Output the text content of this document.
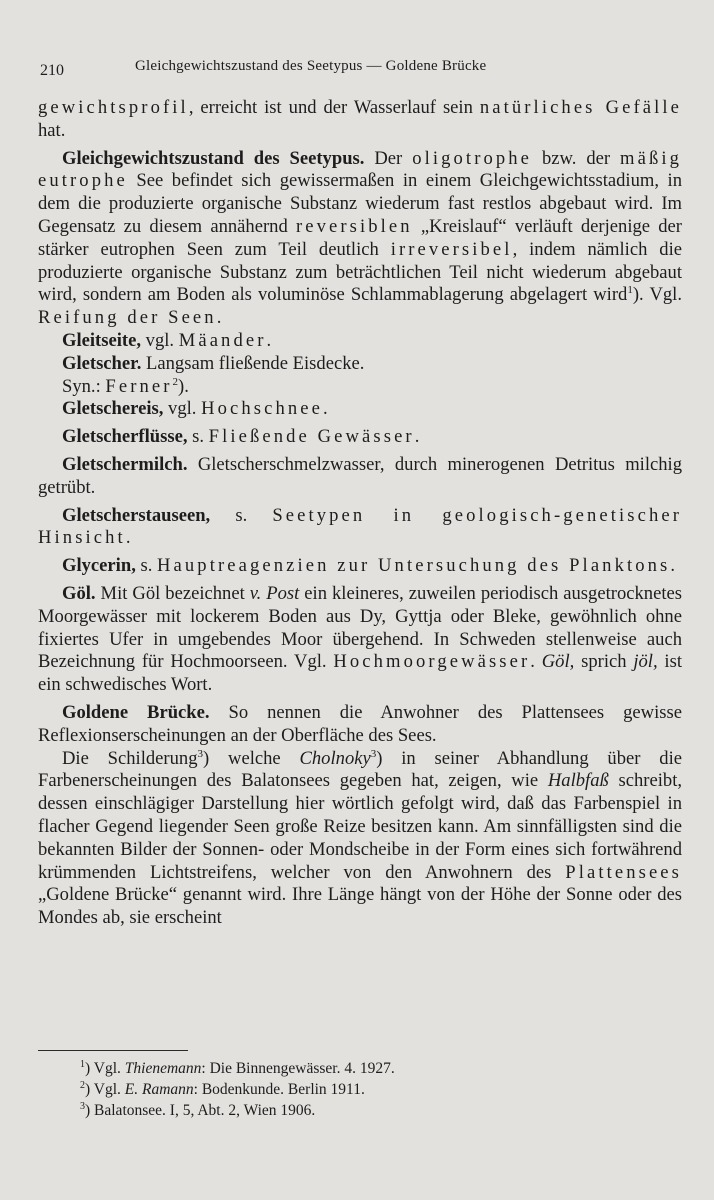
210	Gleichgewichtszustand des Seetypus — Goldene Brücke

gewichtsprofil, erreicht ist und der Wasserlauf sein natürliches Gefälle hat.

Gleichgewichtszustand des Seetypus. Der oligotrophe bzw. der mäßig eutrophe See befindet sich gewissermaßen in einem Gleichgewichtsstadium, in dem die produzierte organische Substanz wiederum fast restlos abgebaut wird. Im Gegensatz zu diesem annähernd reversiblen „Kreislauf“ verläuft derjenige der stärker eutrophen Seen zum Teil deutlich irreversibel, indem nämlich die produzierte organische Substanz zum beträchtlichen Teil nicht wiederum abgebaut wird, sondern am Boden als voluminöse Schlammablagerung abgelagert wird$^1$). Vgl. Reifung der Seen.

Gleitseite, vgl. Mäander.

Gletscher. Langsam fließende Eisdecke.

Syn.: Ferner$^2$).

Gletschereis, vgl. Hochschnee.

Gletscherflüsse, s. Fließende Gewässer.

Gletschermilch. Gletscherschmelzwasser, durch minerogenen Detritus milchig getrübt.

Gletscherstauseen, s. Seetypen in geologisch-genetischer Hinsicht.

Glycerin, s. Hauptreagenzien zur Untersuchung des Planktons.

Göl. Mit Göl bezeichnet v. Post ein kleineres, zuweilen periodisch ausgetrocknetes Moorgewässer mit lockerem Boden aus Dy, Gyttja oder Bleke, gewöhnlich ohne fixiertes Ufer in umgebendes Moor übergehend. In Schweden stellenweise auch Bezeichnung für Hochmoorseen. Vgl. Hochmoorgewässer. Göl, sprich jöl, ist ein schwedisches Wort.

Goldene Brücke. So nennen die Anwohner des Plattensees gewisse Reflexionserscheinungen an der Oberfläche des Sees.

Die Schilderung$^3$) welche Cholnoky$^3$) in seiner Abhandlung über die Farbenerscheinungen des Balatonsees gegeben hat, zeigen, wie Halbfaß schreibt, dessen einschlägiger Darstellung hier wörtlich gefolgt wird, daß das Farbenspiel in flacher Gegend liegender Seen große Reize besitzen kann. Am sinnfälligsten sind die bekannten Bilder der Sonnen- oder Mondscheibe in der Form eines sich fortwährend krümmenden Lichtstreifens, welcher von den Anwohnern des Plattensees „Goldene Brücke“ genannt wird. Ihre Länge hängt von der Höhe der Sonne oder des Mondes ab, sie erscheint

$^1$) Vgl. Thienemann: Die Binnengewässer. 4. 1927.

$^2$) Vgl. E. Ramann: Bodenkunde. Berlin 1911.

$^3$) Balatonsee. I, 5, Abt. 2, Wien 1906.
